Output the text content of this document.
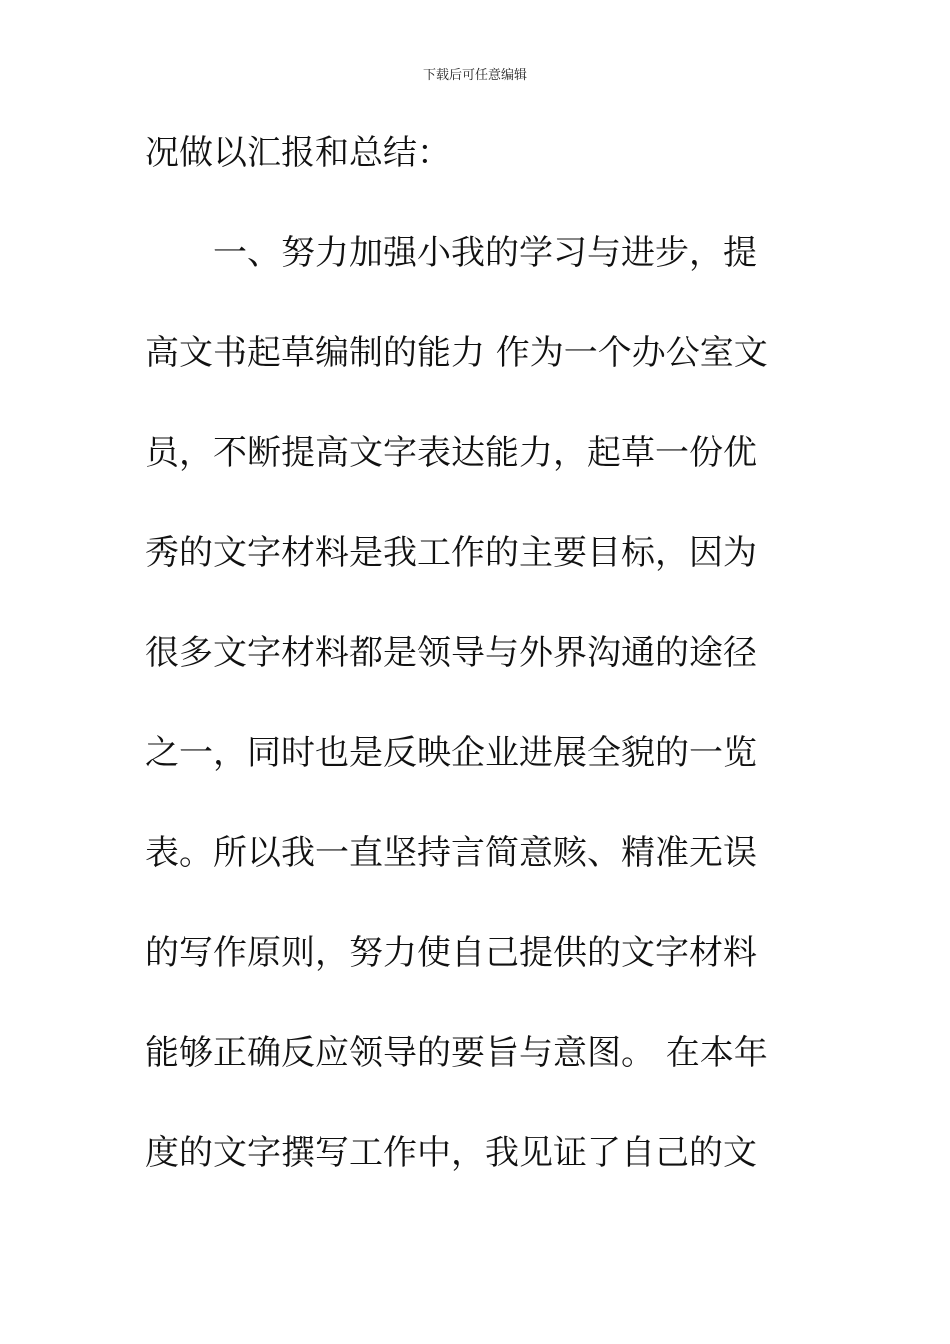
下载后可任意编辑
况做以汇报和总结：
　　一、努力加强小我的学习与进步，提
高文书起草编制的能力 作为一个办公室文
员，不断提高文字表达能力，起草一份优
秀的文字材料是我工作的主要目标，因为
很多文字材料都是领导与外界沟通的途径
之一，同时也是反映企业进展全貌的一览
表。所以我一直坚持言简意赅、精准无误
的写作原则，努力使自己提供的文字材料
能够正确反应领导的要旨与意图。 在本年
度的文字撰写工作中，我见证了自己的文
